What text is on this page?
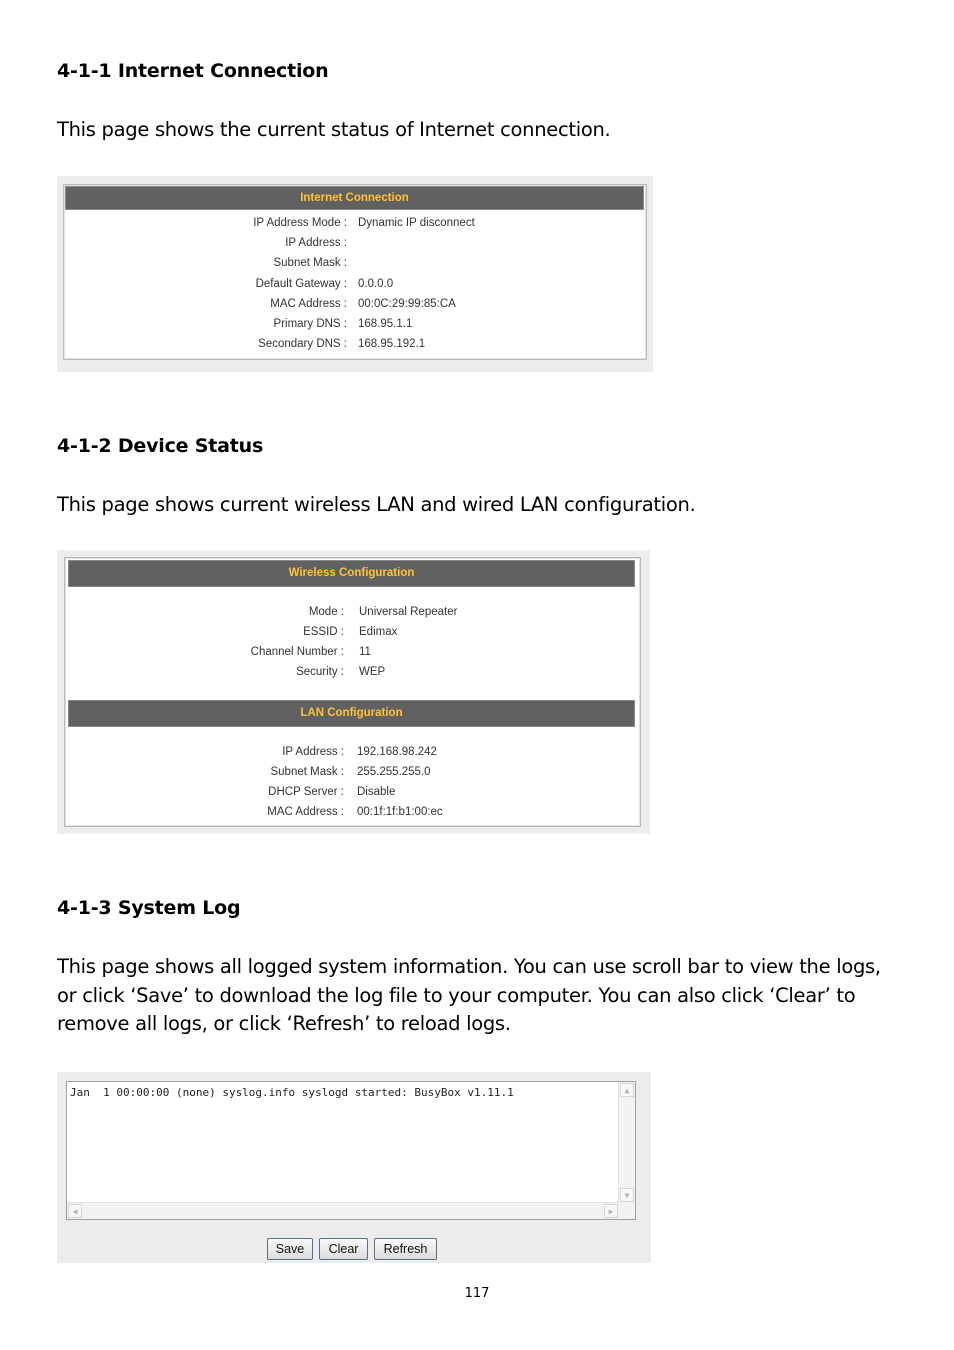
4-1-1 Internet Connection
This page shows the current status of Internet connection.
Internet Connection
IP Address Mode : Dynamic IP disconnect
IP Address :
Subnet Mask :
Default Gateway : 0.0.0.0
MAC Address : 00:0C:29:99:85:CA
Primary DNS : 168.95.1.1
Secondary DNS : 168.95.192.1
4-1-2 Device Status
This page shows current wireless LAN and wired LAN configuration.
Wireless Configuration
Mode : Universal Repeater
ESSID : Edimax
Channel Number : 11
Security : WEP
LAN Configuration
IP Address : 192.168.98.242
Subnet Mask : 255.255.255.0
DHCP Server : Disable
MAC Address : 00:1f:1f:b1:00:ec
4-1-3 System Log
This page shows all logged system information. You can use scroll bar to view the logs, or click ‘Save’ to download the log file to your computer. You can also click ‘Clear’ to remove all logs, or click ‘Refresh’ to reload logs.
Jan  1 00:00:00 (none) syslog.info syslogd started: BusyBox v1.11.1	▲
▼
◀	▶
Save	Clear	Refresh
117
